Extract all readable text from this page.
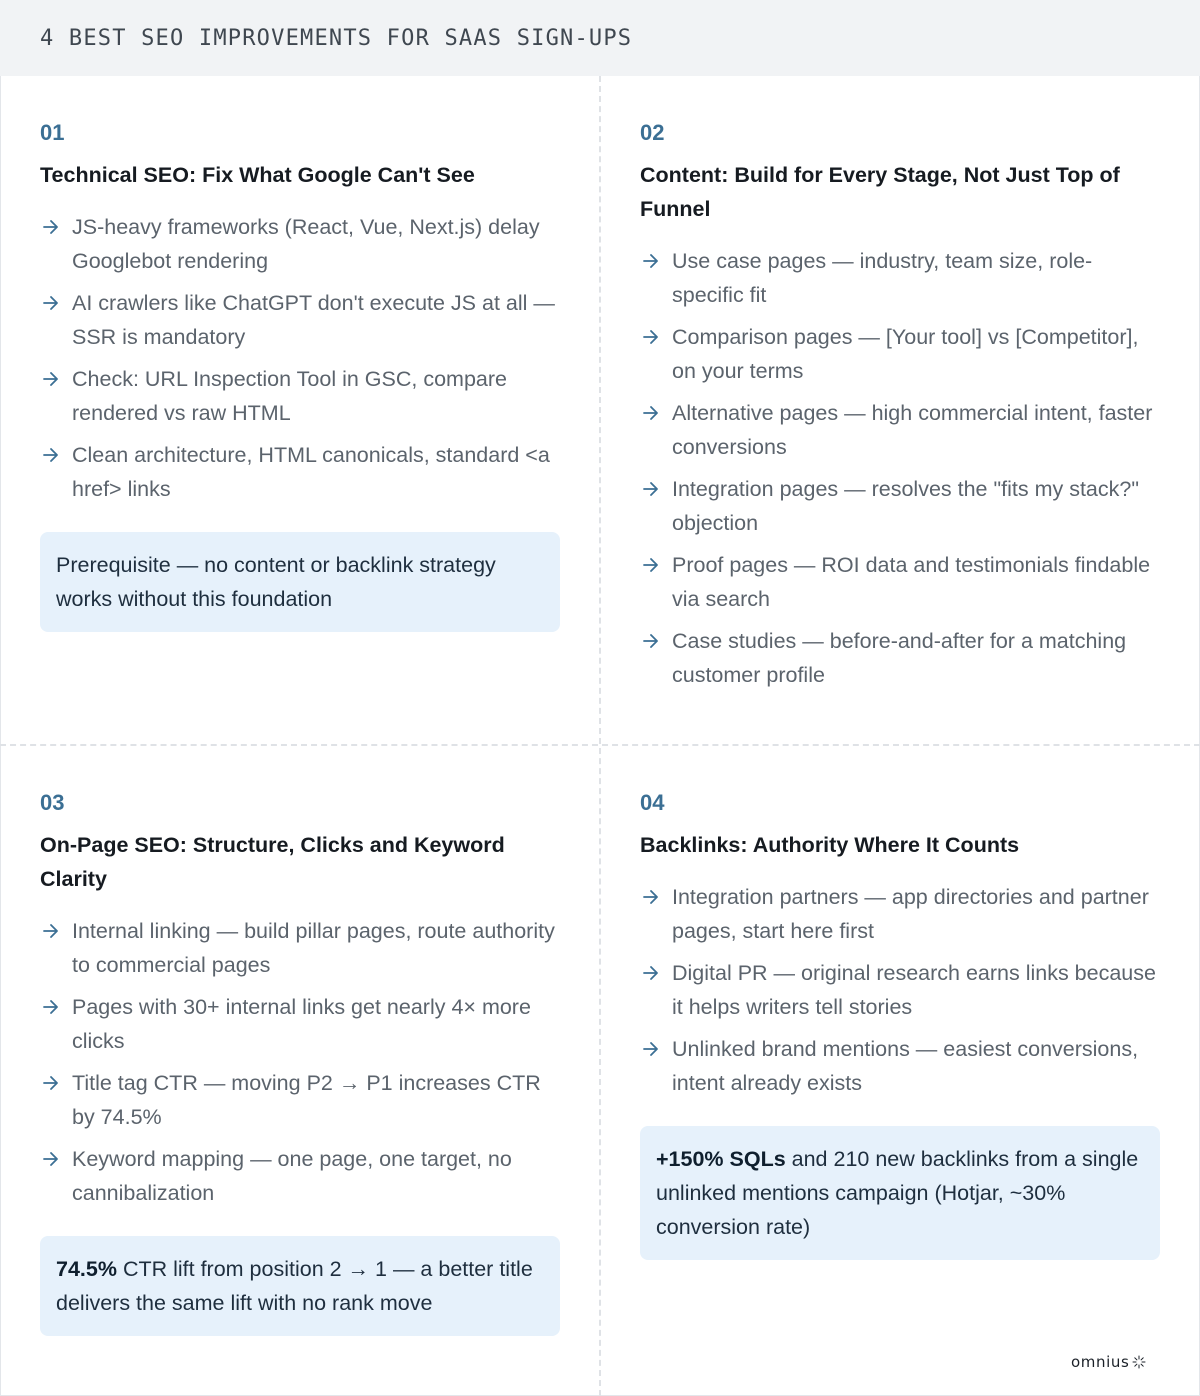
4 BEST SEO IMPROVEMENTS FOR SAAS SIGN-UPS
01
Technical SEO: Fix What Google Can't See
JS-heavy frameworks (React, Vue, Next.js) delay Googlebot rendering
AI crawlers like ChatGPT don't execute JS at all — SSR is mandatory
Check: URL Inspection Tool in GSC, compare rendered vs raw HTML
Clean architecture, HTML canonicals, standard <a href> links
Prerequisite — no content or backlink strategy works without this foundation
02
Content: Build for Every Stage, Not Just Top of Funnel
Use case pages — industry, team size, role-specific fit
Comparison pages — [Your tool] vs [Competitor], on your terms
Alternative pages — high commercial intent, faster conversions
Integration pages — resolves the "fits my stack?" objection
Proof pages — ROI data and testimonials findable via search
Case studies — before-and-after for a matching customer profile
03
On-Page SEO: Structure, Clicks and Keyword Clarity
Internal linking — build pillar pages, route authority to commercial pages
Pages with 30+ internal links get nearly 4× more clicks
Title tag CTR — moving P2 → P1 increases CTR by 74.5%
Keyword mapping — one page, one target, no cannibalization
74.5% CTR lift from position 2 → 1 — a better title delivers the same lift with no rank move
04
Backlinks: Authority Where It Counts
Integration partners — app directories and partner pages, start here first
Digital PR — original research earns links because it helps writers tell stories
Unlinked brand mentions — easiest conversions, intent already exists
+150% SQLs and 210 new backlinks from a single unlinked mentions campaign (Hotjar, ~30% conversion rate)
omnius
